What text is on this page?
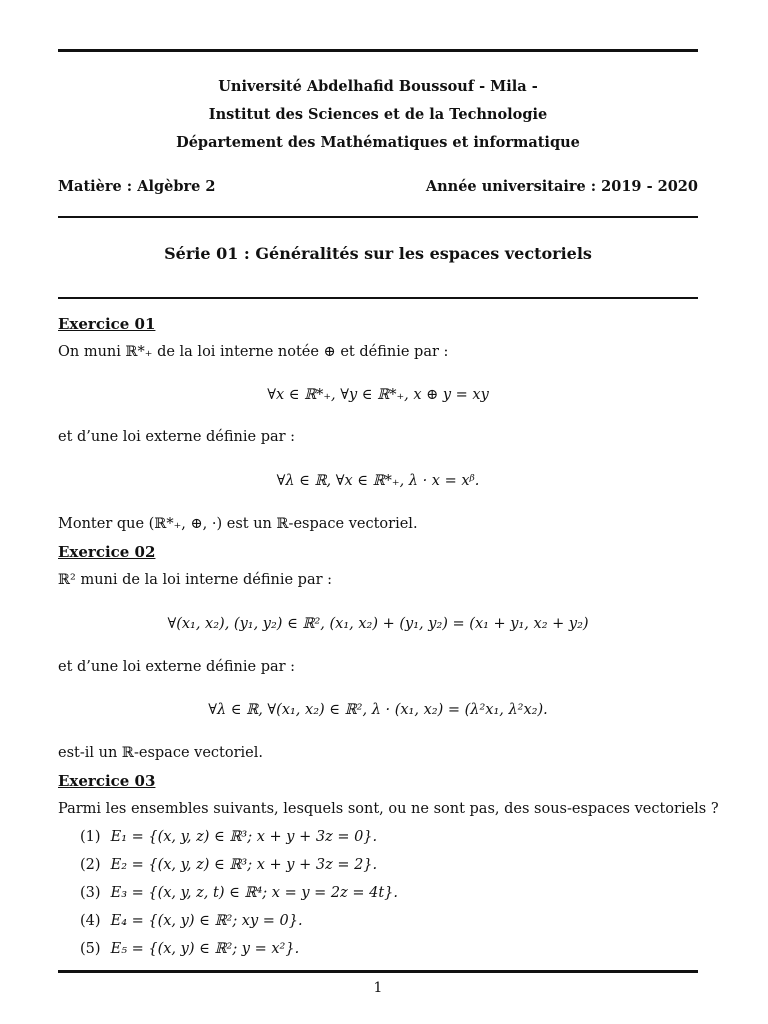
Université Abdelhafid Boussouf - Mila -
Institut des Sciences et de la Technologie
Département des Mathématiques et informatique
Matière : Algèbre 2	Année universitaire : 2019 - 2020
Série 01 : Généralités sur les espaces vectoriels
Exercice 01
On muni ℝ*₊ de la loi interne notée ⊕ et définie par :
∀x ∈ ℝ*₊, ∀y ∈ ℝ*₊, x ⊕ y = xy
et d’une loi externe définie par :
∀λ ∈ ℝ, ∀x ∈ ℝ*₊, λ · x = xᵝ.
Monter que (ℝ*₊, ⊕, ·) est un ℝ-espace vectoriel.
Exercice 02
ℝ² muni de la loi interne définie par :
∀(x₁, x₂), (y₁, y₂) ∈ ℝ², (x₁, x₂) + (y₁, y₂) = (x₁ + y₁, x₂ + y₂)
et d’une loi externe définie par :
∀λ ∈ ℝ, ∀(x₁, x₂) ∈ ℝ², λ · (x₁, x₂) = (λ²x₁, λ²x₂).
est-il un ℝ-espace vectoriel.
Exercice 03
Parmi les ensembles suivants, lesquels sont, ou ne sont pas, des sous-espaces vectoriels ?
(1) E₁ = {(x, y, z) ∈ ℝ³; x + y + 3z = 0}.
(2) E₂ = {(x, y, z) ∈ ℝ³; x + y + 3z = 2}.
(3) E₃ = {(x, y, z, t) ∈ ℝ⁴; x = y = 2z = 4t}.
(4) E₄ = {(x, y) ∈ ℝ²; xy = 0}.
(5) E₅ = {(x, y) ∈ ℝ²; y = x²}.
1
